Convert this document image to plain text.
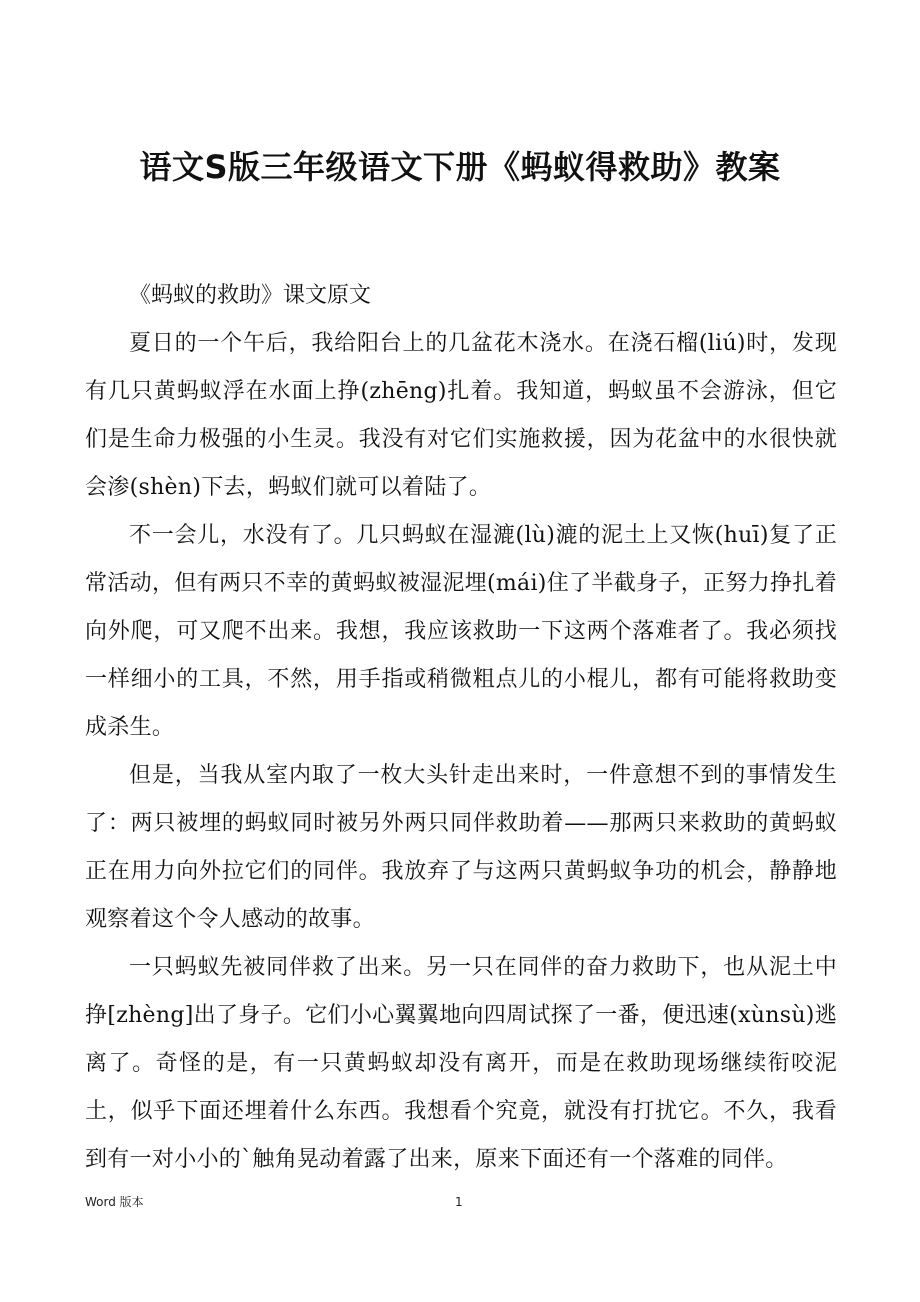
语文S版三年级语文下册《蚂蚁得救助》教案

《蚂蚁的救助》课文原文

夏日的一个午后，我给阳台上的几盆花木浇水。在浇石榴(liú)时，发现有几只黄蚂蚁浮在水面上挣(zhēng)扎着。我知道，蚂蚁虽不会游泳，但它们是生命力极强的小生灵。我没有对它们实施救援，因为花盆中的水很快就会渗(shèn)下去，蚂蚁们就可以着陆了。

不一会儿，水没有了。几只蚂蚁在湿漉(lù)漉的泥土上又恢(huī)复了正常活动，但有两只不幸的黄蚂蚁被湿泥埋(mái)住了半截身子，正努力挣扎着向外爬，可又爬不出来。我想，我应该救助一下这两个落难者了。我必须找一样细小的工具，不然，用手指或稍微粗点儿的小棍儿，都有可能将救助变成杀生。

但是，当我从室内取了一枚大头针走出来时，一件意想不到的事情发生了：两只被埋的蚂蚁同时被另外两只同伴救助着——那两只来救助的黄蚂蚁正在用力向外拉它们的同伴。我放弃了与这两只黄蚂蚁争功的机会，静静地观察着这个令人感动的故事。

一只蚂蚁先被同伴救了出来。另一只在同伴的奋力救助下，也从泥土中挣[zhèng]出了身子。它们小心翼翼地向四周试探了一番，便迅速(xùnsù)逃离了。奇怪的是，有一只黄蚂蚁却没有离开，而是在救助现场继续衔咬泥土，似乎下面还埋着什么东西。我想看个究竟，就没有打扰它。不久，我看到有一对小小的`触角晃动着露了出来，原来下面还有一个落难的同伴。

Word 版本	1
